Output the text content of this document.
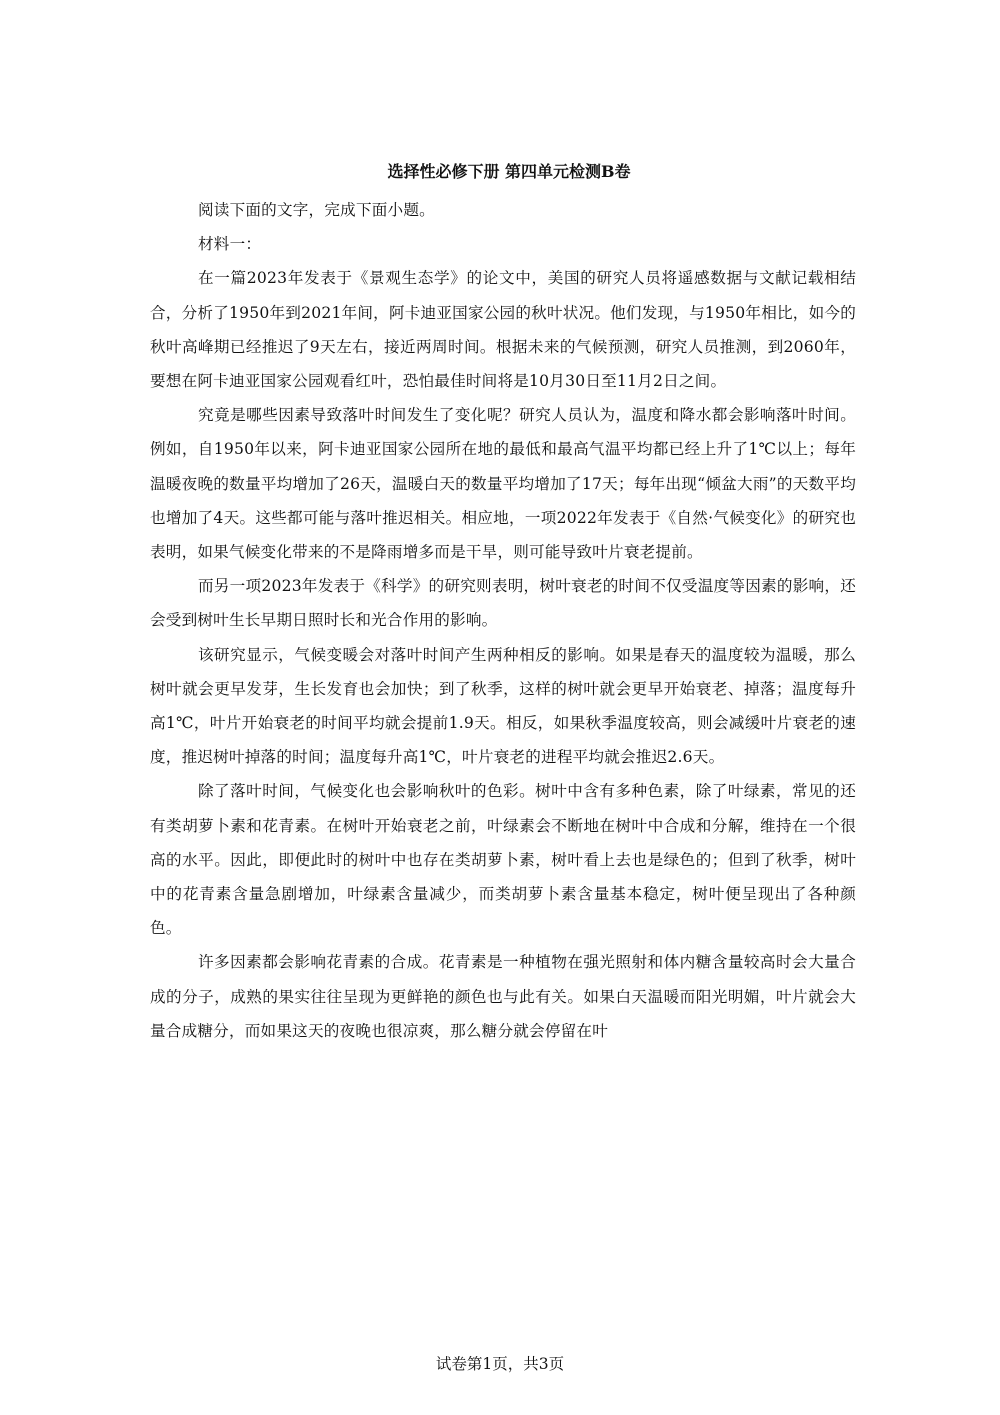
选择性必修下册 第四单元检测B卷

阅读下面的文字，完成下面小题。

材料一：

在一篇2023年发表于《景观生态学》的论文中，美国的研究人员将遥感数据与文献记载相结合，分析了1950年到2021年间，阿卡迪亚国家公园的秋叶状况。他们发现，与1950年相比，如今的秋叶高峰期已经推迟了9天左右，接近两周时间。根据未来的气候预测，研究人员推测，到2060年，要想在阿卡迪亚国家公园观看红叶，恐怕最佳时间将是10月30日至11月2日之间。

究竟是哪些因素导致落叶时间发生了变化呢？研究人员认为，温度和降水都会影响落叶时间。例如，自1950年以来，阿卡迪亚国家公园所在地的最低和最高气温平均都已经上升了1℃以上；每年温暖夜晚的数量平均增加了26天，温暖白天的数量平均增加了17天；每年出现“倾盆大雨”的天数平均也增加了4天。这些都可能与落叶推迟相关。相应地，一项2022年发表于《自然·气候变化》的研究也表明，如果气候变化带来的不是降雨增多而是干旱，则可能导致叶片衰老提前。

而另一项2023年发表于《科学》的研究则表明，树叶衰老的时间不仅受温度等因素的影响，还会受到树叶生长早期日照时长和光合作用的影响。

该研究显示，气候变暖会对落叶时间产生两种相反的影响。如果是春天的温度较为温暖，那么树叶就会更早发芽，生长发育也会加快；到了秋季，这样的树叶就会更早开始衰老、掉落；温度每升高1℃，叶片开始衰老的时间平均就会提前1.9天。相反，如果秋季温度较高，则会减缓叶片衰老的速度，推迟树叶掉落的时间；温度每升高1℃，叶片衰老的进程平均就会推迟2.6天。

除了落叶时间，气候变化也会影响秋叶的色彩。树叶中含有多种色素，除了叶绿素，常见的还有类胡萝卜素和花青素。在树叶开始衰老之前，叶绿素会不断地在树叶中合成和分解，维持在一个很高的水平。因此，即便此时的树叶中也存在类胡萝卜素，树叶看上去也是绿色的；但到了秋季，树叶中的花青素含量急剧增加，叶绿素含量减少，而类胡萝卜素含量基本稳定，树叶便呈现出了各种颜色。

许多因素都会影响花青素的合成。花青素是一种植物在强光照射和体内糖含量较高时会大量合成的分子，成熟的果实往往呈现为更鲜艳的颜色也与此有关。如果白天温暖而阳光明媚，叶片就会大量合成糖分，而如果这天的夜晚也很凉爽，那么糖分就会停留在叶

试卷第1页，共3页
